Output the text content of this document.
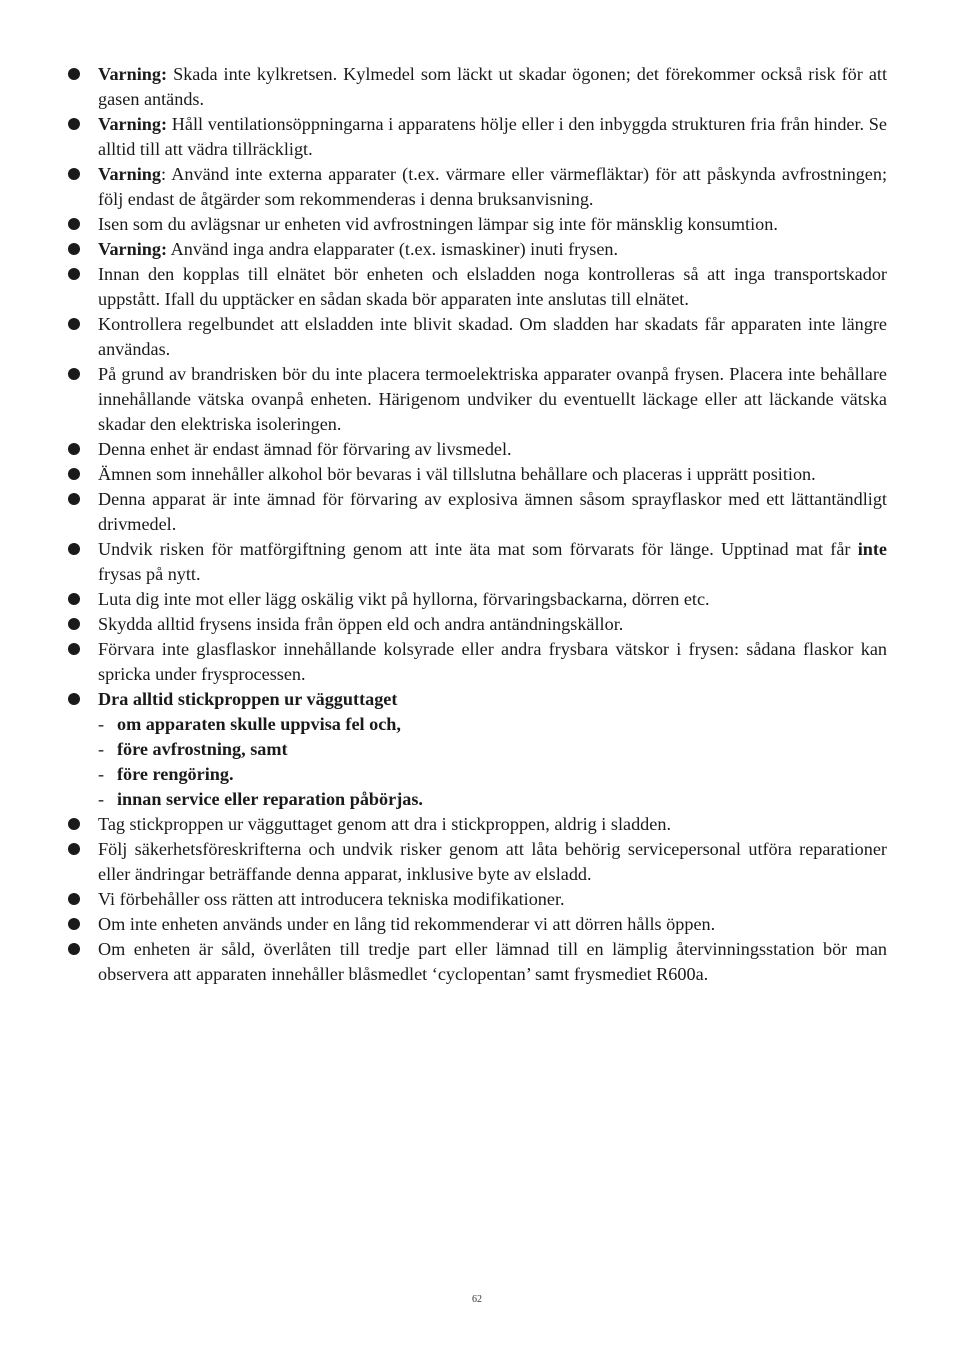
Varning: Skada inte kylkretsen. Kylmedel som läckt ut skadar ögonen; det förekommer också risk för att gasen antänds.
Varning: Håll ventilationsöppningarna i apparatens hölje eller i den inbyggda strukturen fria från hinder. Se alltid till att vädra tillräckligt.
Varning: Använd inte externa apparater (t.ex. värmare eller värmefläktar) för att påskynda avfrostningen; följ endast de åtgärder som rekommenderas i denna bruksanvisning.
Isen som du avlägsnar ur enheten vid avfrostningen lämpar sig inte för mänsklig konsumtion.
Varning: Använd inga andra elapparater (t.ex. ismaskiner) inuti frysen.
Innan den kopplas till elnätet bör enheten och elsladden noga kontrolleras så att inga transportskador uppstått. Ifall du upptäcker en sådan skada bör apparaten inte anslutas till elnätet.
Kontrollera regelbundet att elsladden inte blivit skadad. Om sladden har skadats får apparaten inte längre användas.
På grund av brandrisken bör du inte placera termoelektriska apparater ovanpå frysen. Placera inte behållare innehållande vätska ovanpå enheten. Härigenom undviker du eventuellt läckage eller att läckande vätska skadar den elektriska isoleringen.
Denna enhet är endast ämnad för förvaring av livsmedel.
Ämnen som innehåller alkohol bör bevaras i väl tillslutna behållare och placeras i upprätt position.
Denna apparat är inte ämnad för förvaring av explosiva ämnen såsom sprayflaskor med ett lättantändligt drivmedel.
Undvik risken för matförgiftning genom att inte äta mat som förvarats för länge. Upptinad mat får inte frysas på nytt.
Luta dig inte mot eller lägg oskälig vikt på hyllorna, förvaringsbackarna, dörren etc.
Skydda alltid frysens insida från öppen eld och andra antändningskällor.
Förvara inte glasflaskor innehållande kolsyrade eller andra frysbara vätskor i frysen: sådana flaskor kan spricka under frysprocessen.
Dra alltid stickproppen ur vägguttaget
- om apparaten skulle uppvisa fel och,
- före avfrostning, samt
- före rengöring.
- innan service eller reparation påbörjas.
Tag stickproppen ur vägguttaget genom att dra i stickproppen, aldrig i sladden.
Följ säkerhetsföreskrifterna och undvik risker genom att låta behörig servicepersonal utföra reparationer eller ändringar beträffande denna apparat, inklusive byte av elsladd.
Vi förbehåller oss rätten att introducera tekniska modifikationer.
Om inte enheten används under en lång tid rekommenderar vi att dörren hålls öppen.
Om enheten är såld, överlåten till tredje part eller lämnad till en lämplig återvinningsstation bör man observera att apparaten innehåller blåsmedlet ‘cyclopentan’ samt frysmediet R600a.
62
